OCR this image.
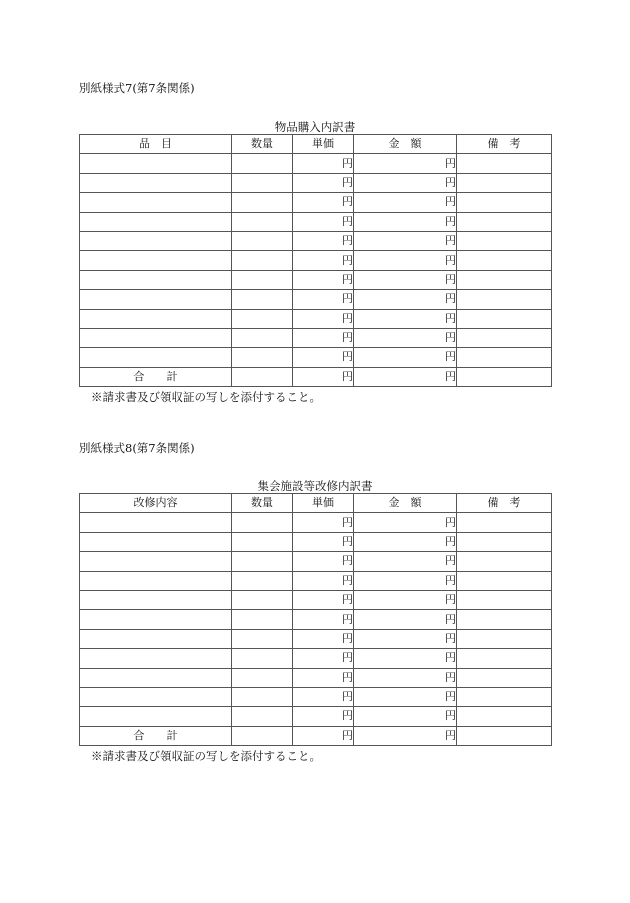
別紙様式7(第7条関係)
物品購入内訳書
品　目	数量	単価	金　額	備　考
		円	円	
		円	円	
		円	円	
		円	円	
		円	円	
		円	円	
		円	円	
		円	円	
		円	円	
		円	円	
		円	円	
合　　計		円	円	
※請求書及び領収証の写しを添付すること。
別紙様式8(第7条関係)
集会施設等改修内訳書
改修内容	数量	単価	金　額	備　考
		円	円	
		円	円	
		円	円	
		円	円	
		円	円	
		円	円	
		円	円	
		円	円	
		円	円	
		円	円	
		円	円	
合　　計		円	円	
※請求書及び領収証の写しを添付すること。
